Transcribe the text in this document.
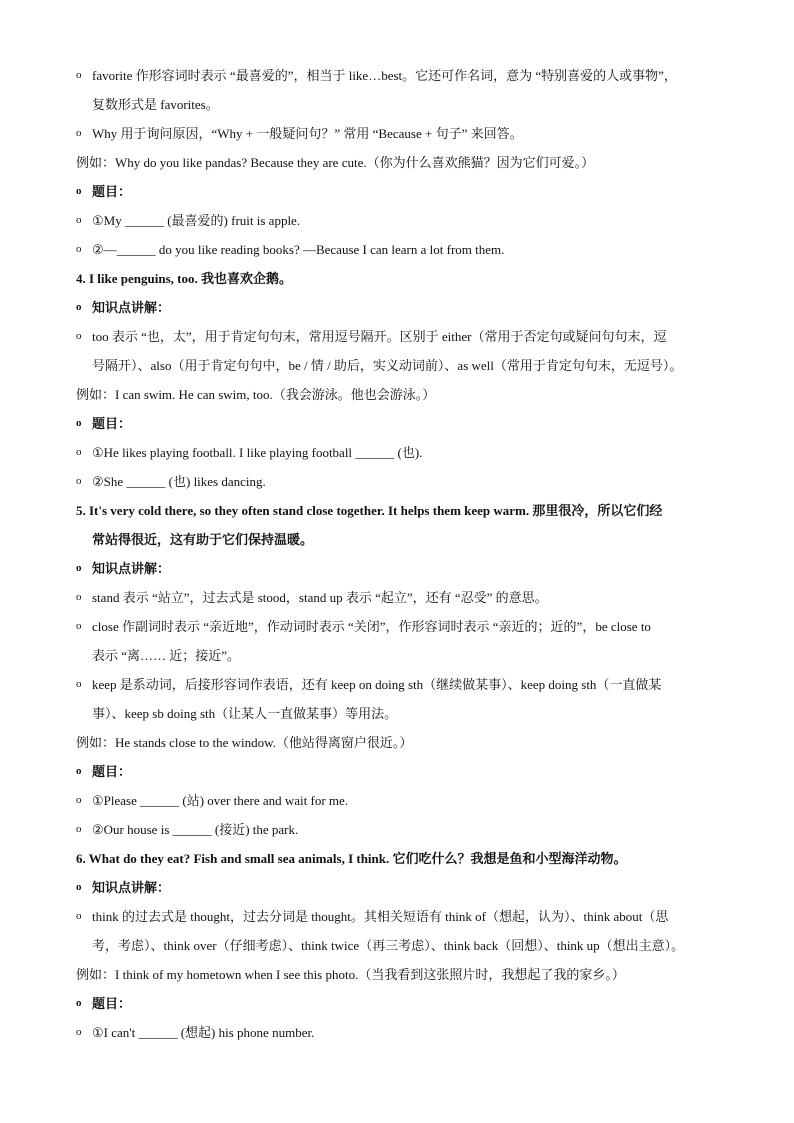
o favorite 作形容词时表示 “最喜爱的”，相当于 like…best。它还可作名词，意为 “特别喜爱的人或事物”，
复数形式是 favorites。
o Why 用于询问原因，“Why + 一般疑问句？” 常用 “Because + 句子” 来回答。
例如：Why do you like pandas? Because they are cute.（你为什么喜欢熊猫？因为它们可爱。）
o 题目：
o ①My ______ (最喜爱的) fruit is apple.
o ②—______ do you like reading books? —Because I can learn a lot from them.
4. I like penguins, too. 我也喜欢企鹅。
o 知识点讲解：
o too 表示 “也，太”，用于肯定句句末，常用逗号隔开。区别于 either（常用于否定句或疑问句句末，逗
号隔开）、also（用于肯定句句中，be / 情 / 助后，实义动词前）、as well（常用于肯定句句末，无逗号）。
例如：I can swim. He can swim, too.（我会游泳。他也会游泳。）
o 题目：
o ①He likes playing football. I like playing football ______ (也).
o ②She ______ (也) likes dancing.
5. It's very cold there, so they often stand close together. It helps them keep warm. 那里很冷，所以它们经
常站得很近，这有助于它们保持温暖。
o 知识点讲解：
o stand 表示 “站立”，过去式是 stood，stand up 表示 “起立”，还有 “忍受” 的意思。
o close 作副词时表示 “亲近地”，作动词时表示 “关闭”，作形容词时表示 “亲近的；近的”，be close to
表示 “离…… 近；接近”。
o keep 是系动词，后接形容词作表语，还有 keep on doing sth（继续做某事）、keep doing sth（一直做某
事）、keep sb doing sth（让某人一直做某事）等用法。
例如：He stands close to the window.（他站得离窗户很近。）
o 题目：
o ①Please ______ (站) over there and wait for me.
o ②Our house is ______ (接近) the park.
6. What do they eat? Fish and small sea animals, I think. 它们吃什么？我想是鱼和小型海洋动物。
o 知识点讲解：
o think 的过去式是 thought，过去分词是 thought。其相关短语有 think of（想起，认为）、think about（思
考，考虑）、think over（仔细考虑）、think twice（再三考虑）、think back（回想）、think up（想出主意）。
例如：I think of my hometown when I see this photo.（当我看到这张照片时，我想起了我的家乡。）
o 题目：
o ①I can't ______ (想起) his phone number.
